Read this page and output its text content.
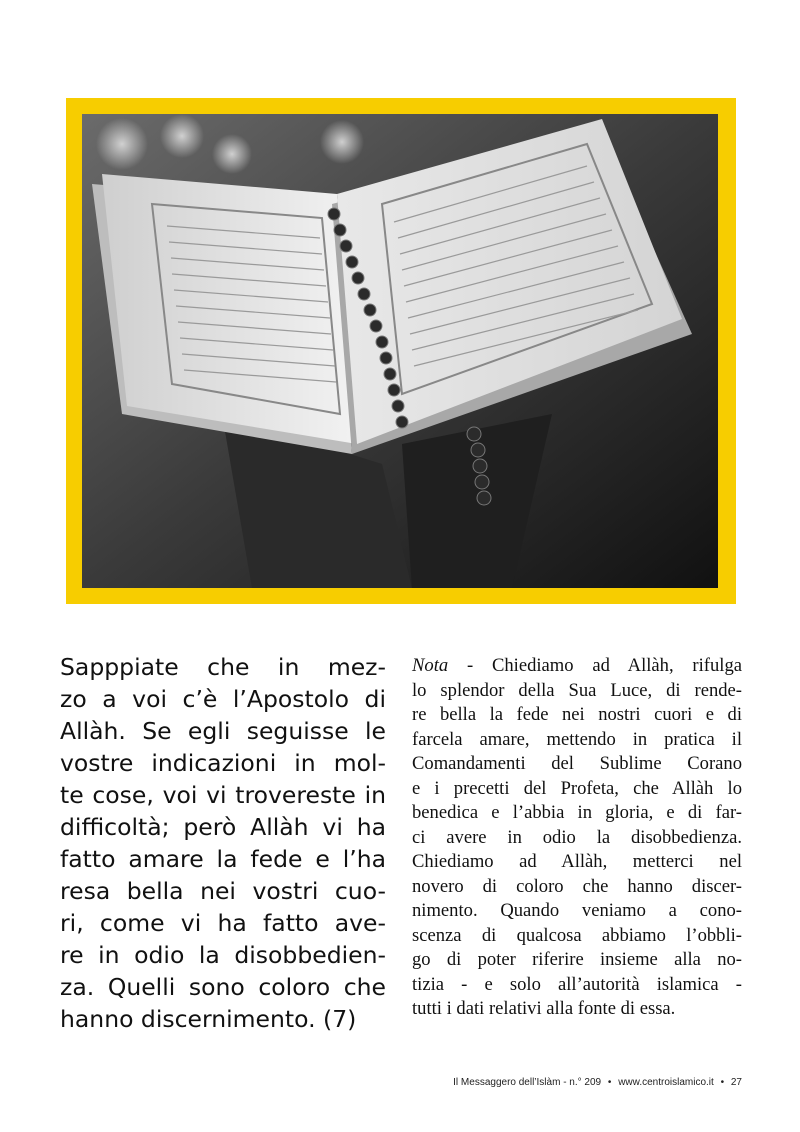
Sapppiate che in mez-
zo a voi c’è l’Apostolo di
Allàh. Se egli seguisse le
vostre indicazioni in mol-
te cose, voi vi trovereste in
difficoltà; però Allàh vi ha
fatto amare la fede e l’ha
resa bella nei vostri cuo-
ri, come vi ha fatto ave-
re in odio la disobbedien-
za. Quelli sono coloro che
hanno discernimento. (7)
Nota - Chiediamo ad Allàh, rifulga
lo splendor della Sua Luce, di rende-
re bella la fede nei nostri cuori e di
farcela amare, mettendo in pratica il
Comandamenti del Sublime Corano
e i precetti del Profeta, che Allàh lo
benedica e l’abbia in gloria, e di far-
ci avere in odio la disobbedienza.
Chiediamo ad Allàh, metterci nel
novero di coloro che hanno discer-
nimento. Quando veniamo a cono-
scenza di qualcosa abbiamo l’obbli-
go di poter riferire insieme alla no-
tizia - e solo all’autorità islamica -
tutti i dati relativi alla fonte di essa.
Il Messaggero dell’Islàm - n.° 209 • www.centroislamico.it • 27
